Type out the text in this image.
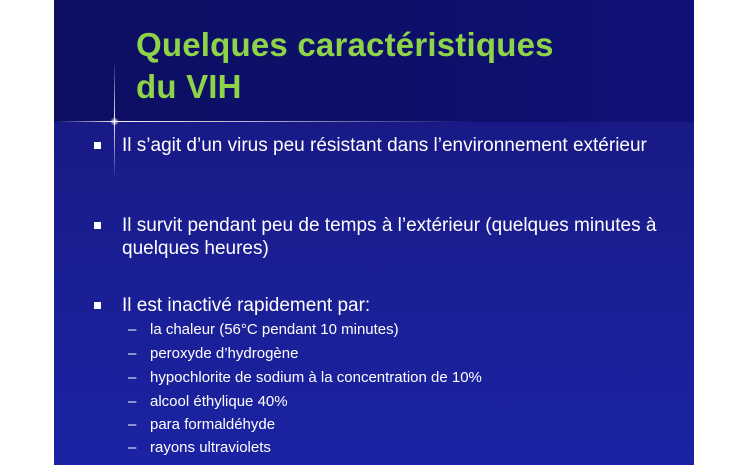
Quelques caractéristiques
du VIH
Il s’agit d’un virus peu résistant dans l’environnement extérieur
Il survit pendant peu de temps à l’extérieur (quelques minutes à quelques heures)
Il est inactivé rapidement par:
– la chaleur (56°C pendant 10 minutes)
– peroxyde d’hydrogène
– hypochlorite de sodium à la concentration de 10%
– alcool éthylique 40%
– para formaldéhyde
– rayons ultraviolets
